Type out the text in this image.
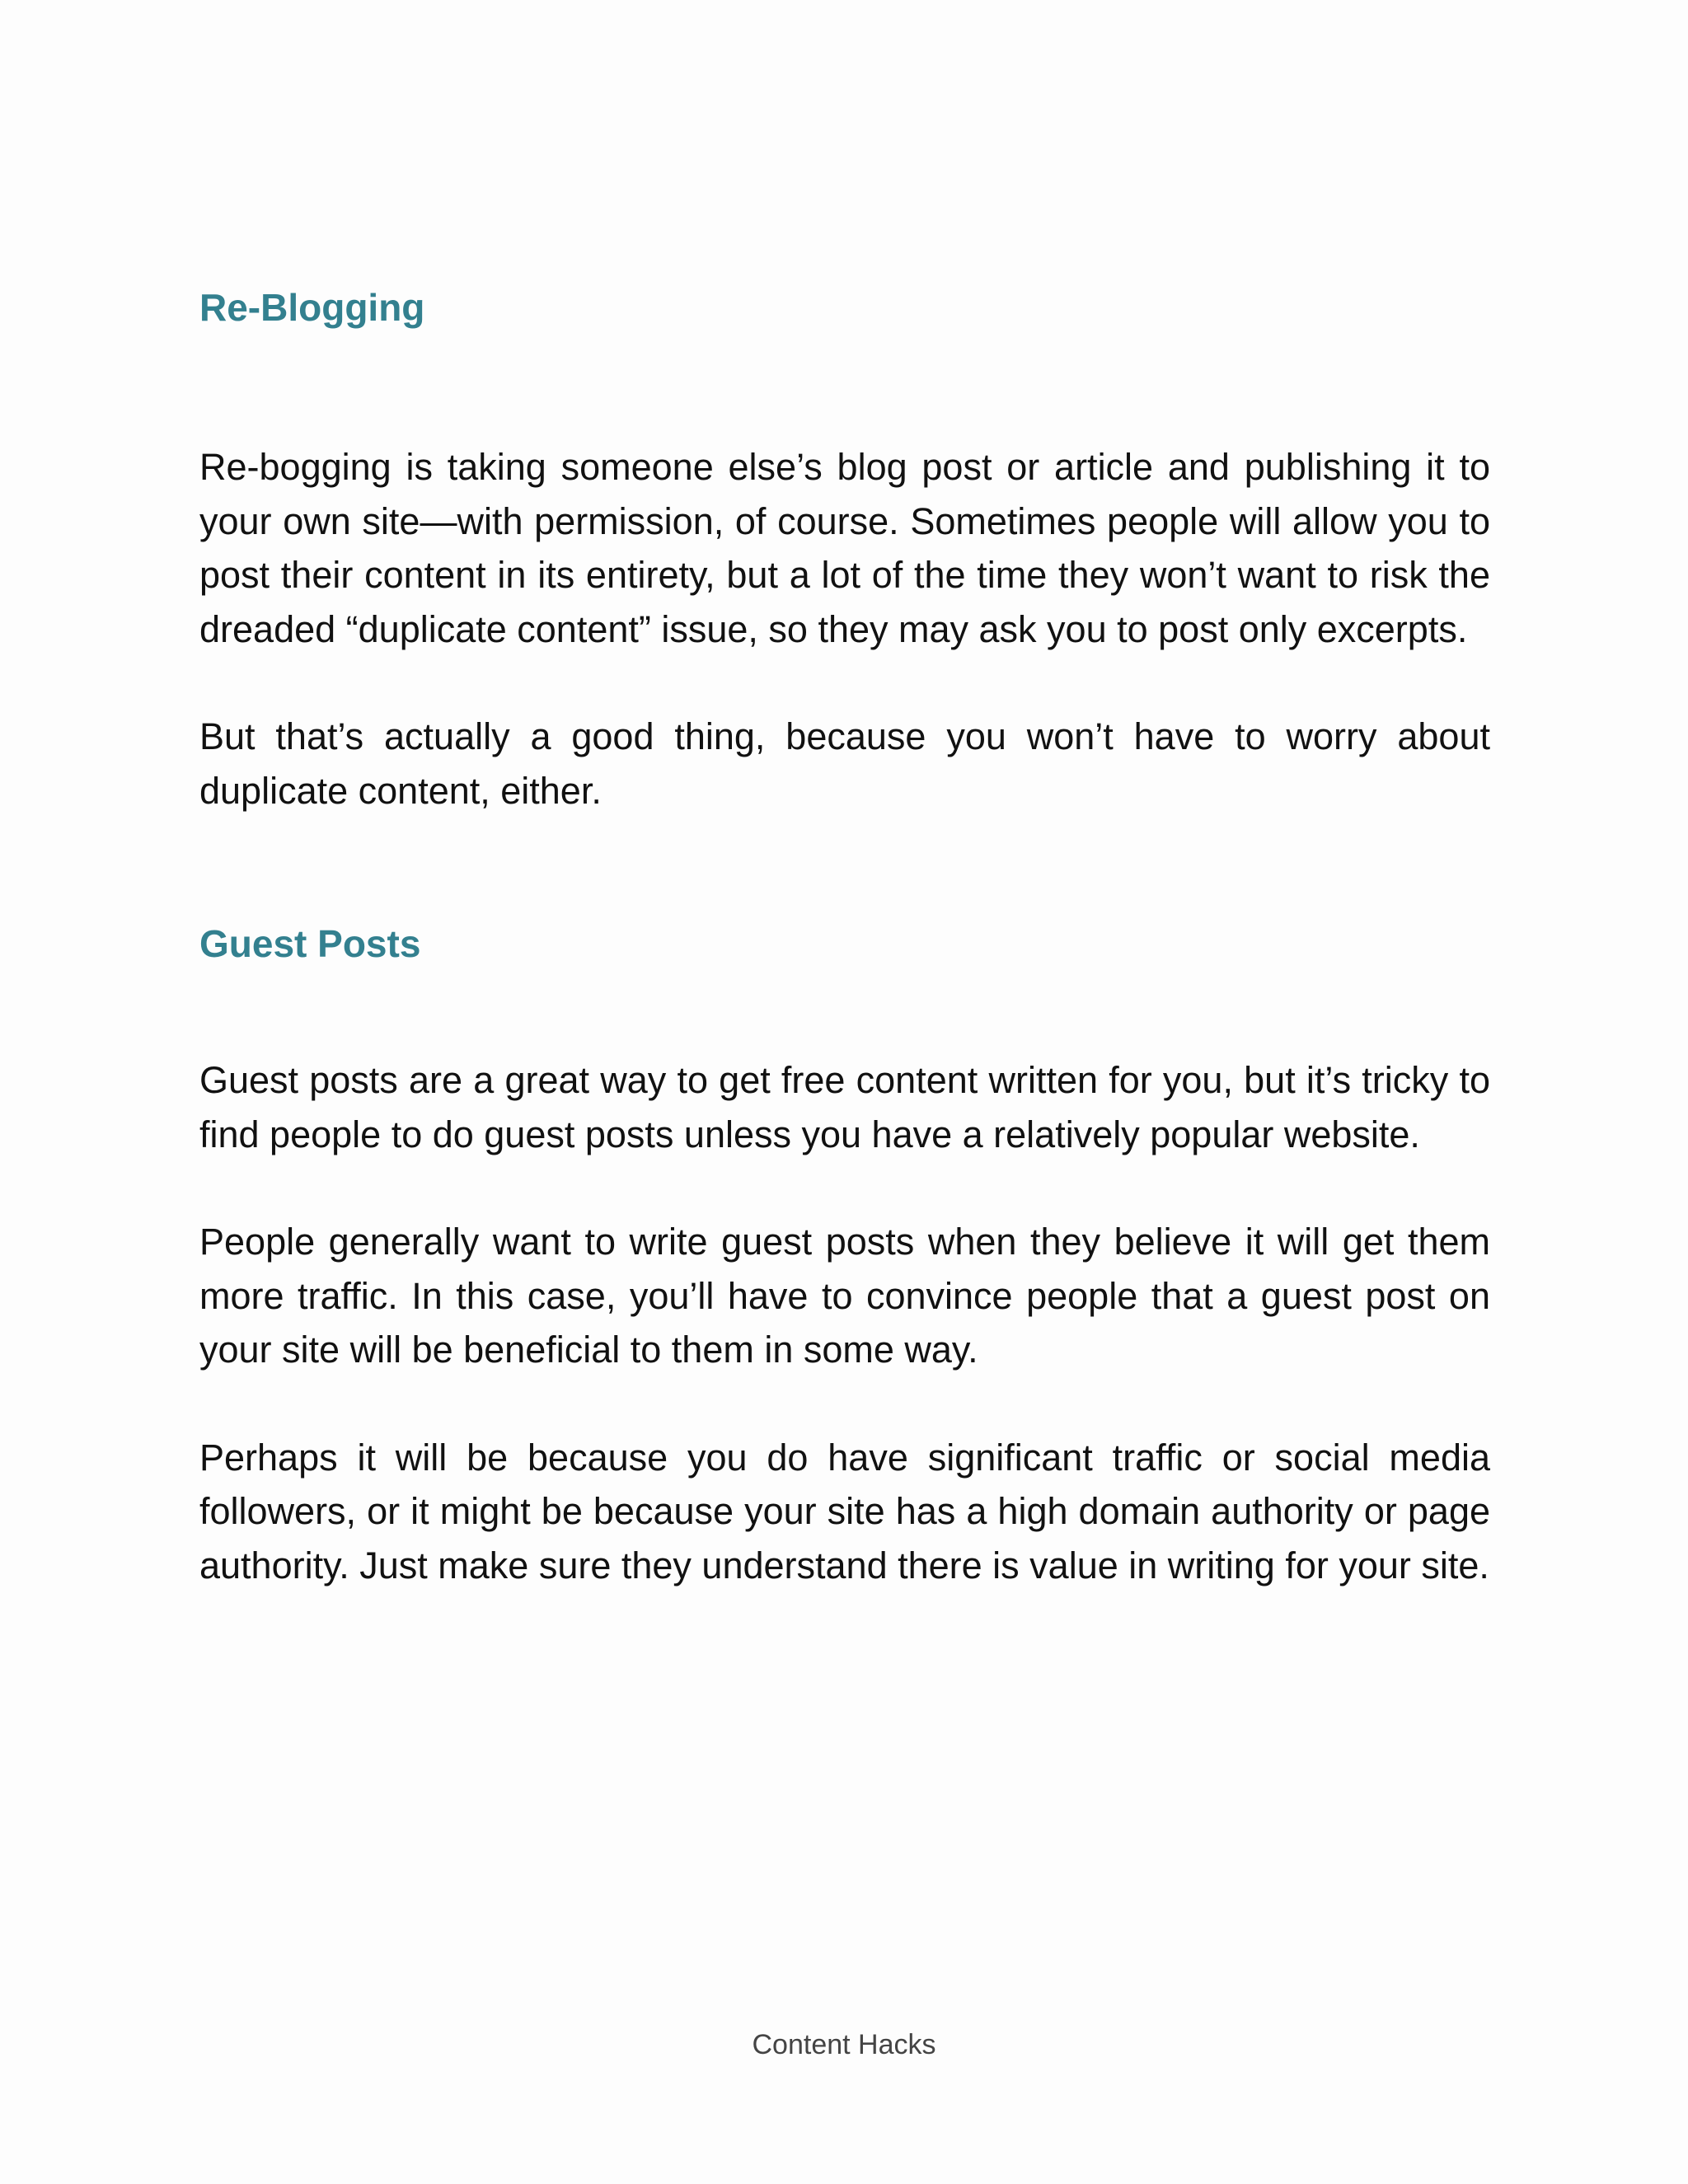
Re-Blogging

Re-bogging is taking someone else’s blog post or article and publishing it to your own site—with permission, of course. Sometimes people will allow you to post their content in its entirety, but a lot of the time they won’t want to risk the dreaded “duplicate content” issue, so they may ask you to post only excerpts.

But that’s actually a good thing, because you won’t have to worry about duplicate content, either.

Guest Posts

Guest posts are a great way to get free content written for you, but it’s tricky to find people to do guest posts unless you have a relatively popular website.

People generally want to write guest posts when they believe it will get them more traffic. In this case, you’ll have to convince people that a guest post on your site will be beneficial to them in some way.

Perhaps it will be because you do have significant traffic or social media followers, or it might be because your site has a high domain authority or page authority. Just make sure they understand there is value in writing for your site.

Content Hacks
